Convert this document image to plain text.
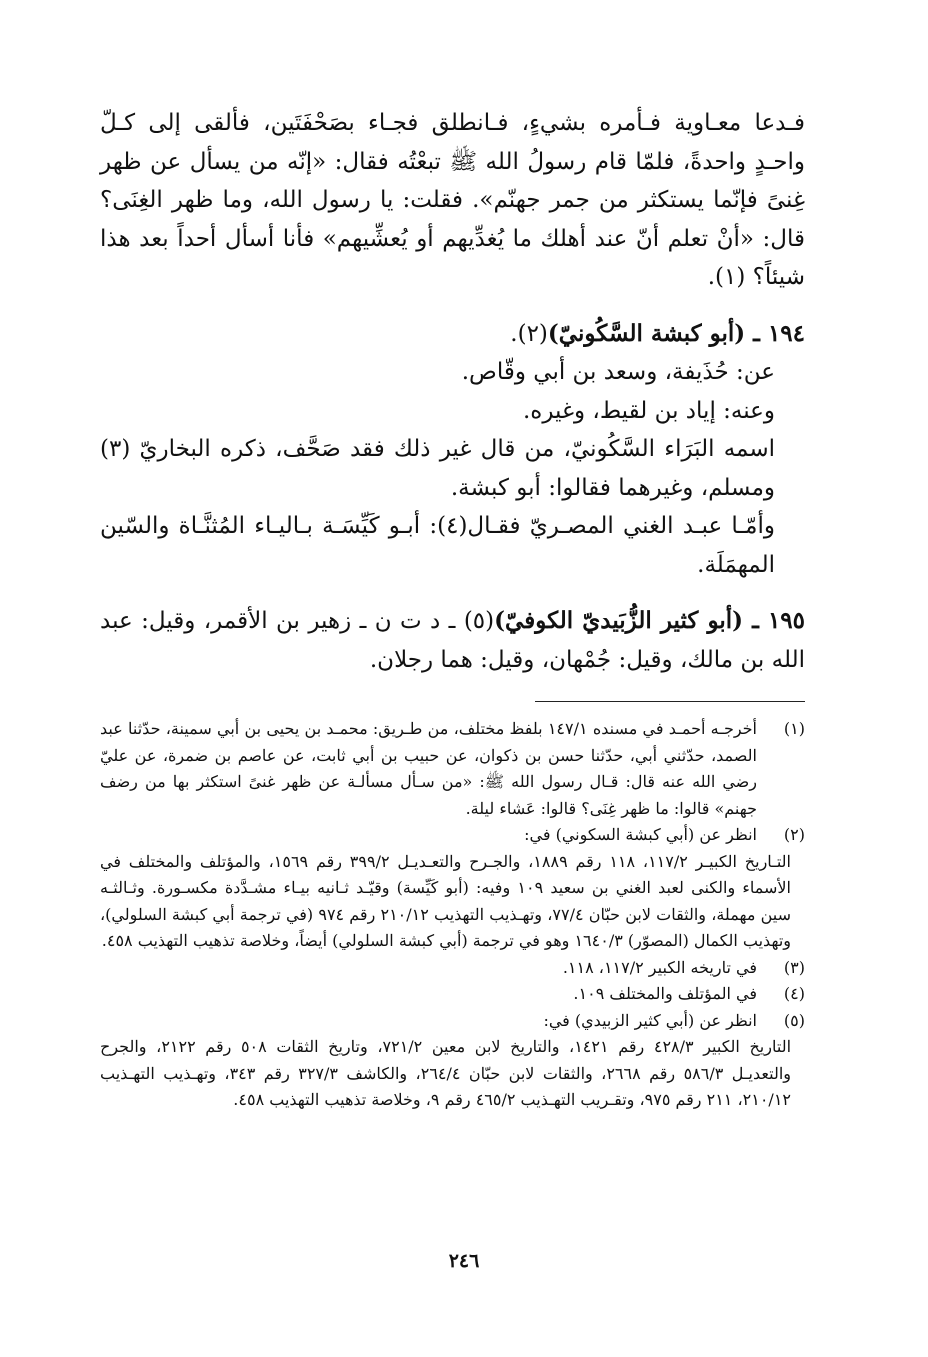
فـدعا معـاوية فـأمره بشيءٍ، فـانطلق فجـاء بصَحْفَتَين، فألقى إلى كـلّ واحـدٍ واحدةً، فلمّا قام رسولُ الله ﷺ تبعْتُه فقال: «إنّه من يسأل عن ظهر غِنىً فإنّما يستكثر من جمر جهنّم». فقلت: يا رسول الله، وما ظهر الغِنَى؟ قال: «أنْ تعلم أنّ عند أهلك ما يُغدِّيهم أو يُعشِّيهم» فأنا أسأل أحداً بعد هذا شيئاً؟ (١).

١٩٤ ـ (أبو كبشة السَّكُونيّ)(٢).

عن: حُذَيفة، وسعد بن أبي وقّاص.

وعنه: إياد بن لقيط، وغيره.

اسمه البَرَاء السَّكُونيّ، من قال غير ذلك فقد صَحَّف، ذكره البخاريّ (٣) ومسلم، وغيرهما فقالوا: أبو كبشة.

وأمّـا عبـد الغني المصـريّ فقـال(٤): أبـو كَيِّسَـة بـاليـاء المُثنَّـاة والسّين المهمَلَة.

١٩٥ ـ (أبو كثير الزُّبَيديّ الكوفيّ)(٥) ـ د ت ن ـ زهير بن الأقمر، وقيل: عبد الله بن مالك، وقيل: جُمْهان، وقيل: هما رجلان.

(١)
أخرجـه أحمـد في مسنده ١٤٧/١ بلفظ مختلف، من طـريق: محمـد بن يحيى بن أبي سمينة، حدّثنا عبد الصمد، حدّثني أبي، حدّثنا حسن بن ذكوان، عن حبيب بن أبي ثابت، عن عاصم بن ضمرة، عن عليّ رضي الله عنه قال: قـال رسول الله ﷺ: «من سـأل مسألـة عن ظهر غنىً استكثر بها من رضف جهنم» قالوا: ما ظهر غِنَى؟ قالوا: عَشاء ليلة.
(٢)
انظر عن (أبي كبشة السكوني) في:
التـاريخ الكبيـر ١١٧/٢، ١١٨ رقم ١٨٨٩، والجـرح والتعـديـل ٣٩٩/٢ رقم ١٥٦٩، والمؤتلف والمختلف في الأسماء والكنى لعبد الغني بن سعيد ١٠٩ وفيه: (أبو كَيِّسة) وقيّـد ثـانيه بيـاء مشـدَّدة مكسـورة. وثـالثـه سين مهملة، والثقات لابن حبّان ٧٧/٤، وتهـذيب التهذيب ٢١٠/١٢ رقم ٩٧٤ (في ترجمة أبي كبشة السلولي)، وتهذيب الكمال (المصوّر) ١٦٤٠/٣ وهو في ترجمة (أبي كبشة السلولي) أيضاً، وخلاصة تذهيب التهذيب ٤٥٨.
(٣)
في تاريخه الكبير ١١٧/٢، ١١٨.
(٤)
في المؤتلف والمختلف ١٠٩.
(٥)
انظر عن (أبي كثير الزبيدي) في:
التاريخ الكبير ٤٢٨/٣ رقم ١٤٢١، والتاريخ لابن معين ٧٢١/٢، وتاريخ الثقات ٥٠٨ رقم ٢١٢٢، والجرح والتعديـل ٥٨٦/٣ رقم ٢٦٦٨، والثقات لابن حبّان ٢٦٤/٤، والكاشف ٣٢٧/٣ رقم ٣٤٣، وتهـذيب التهـذيب ٢١٠/١٢، ٢١١ رقم ٩٧٥، وتقـريب التهـذيب ٤٦٥/٢ رقم ٩، وخلاصة تذهيب التهذيب ٤٥٨.
٢٤٦
